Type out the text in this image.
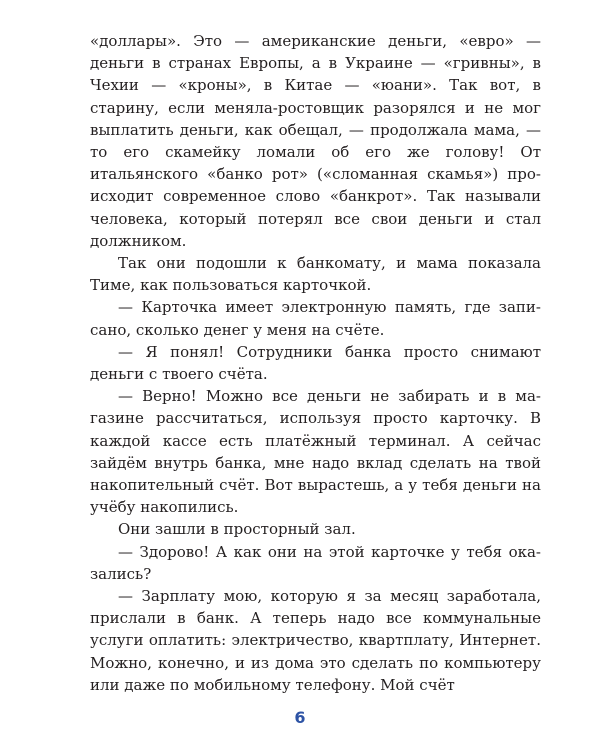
«доллары». Это — американские деньги, «евро» — деньги в странах Европы, а в Украине — «гривны», в Чехии — «кроны», в Китае — «юани». Так вот, в старину, если меняла-ростовщик разорялся и не мог выплатить деньги, как обещал, — продолжала мама, — то его скамейку ломали об его же голову! От итальянского «банко рот» («сломанная скамья») происходит современное слово «банкрот». Так называли человека, который потерял все свои деньги и стал должником.

Так они подошли к банкомату, и мама показала Тиме, как пользоваться карточкой.

— Карточка имеет электронную память, где записано, сколько денег у меня на счёте.

— Я понял! Сотрудники банка просто снимают деньги с твоего счёта.

— Верно! Можно все деньги не забирать и в магазине рассчитаться, используя просто карточку. В каждой кассе есть платёжный терминал. А сейчас зайдём внутрь банка, мне надо вклад сделать на твой накопительный счёт. Вот вырастешь, а у тебя деньги на учёбу накопились.

Они зашли в просторный зал.

— Здорово! А как они на этой карточке у тебя оказались?

— Зарплату мою, которую я за месяц заработала, прислали в банк. А теперь надо все коммунальные услуги оплатить: электричество, квартплату, Интернет. Можно, конечно, и из дома это сделать по компьютеру или даже по мобильному телефону. Мой счёт

6
